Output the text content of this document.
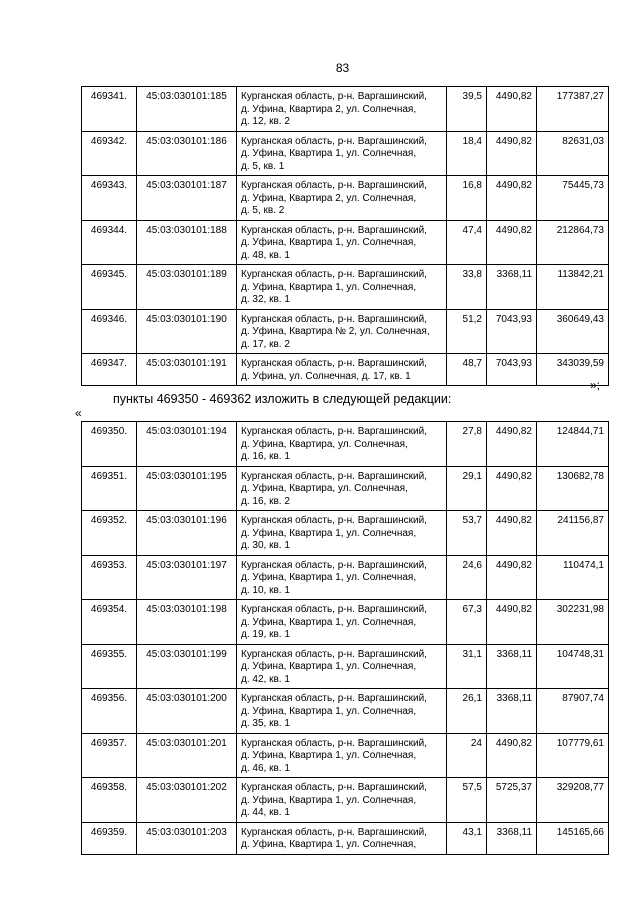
83
469341.	45:03:030101:185	Курганская область, р-н. Варгашинский,
д. Уфина, Квартира 2, ул. Солнечная,
д. 12, кв. 2	39,5	4490,82	177387,27
469342.	45:03:030101:186	Курганская область, р-н. Варгашинский,
д. Уфина, Квартира 1, ул. Солнечная,
д. 5, кв. 1	18,4	4490,82	82631,03
469343.	45:03:030101:187	Курганская область, р-н. Варгашинский,
д. Уфина, Квартира 2, ул. Солнечная,
д. 5, кв. 2	16,8	4490,82	75445,73
469344.	45:03:030101:188	Курганская область, р-н. Варгашинский,
д. Уфина, Квартира 1, ул. Солнечная,
д. 48, кв. 1	47,4	4490,82	212864,73
469345.	45:03:030101:189	Курганская область, р-н. Варгашинский,
д. Уфина, Квартира 1, ул. Солнечная,
д. 32, кв. 1	33,8	3368,11	113842,21
469346.	45:03:030101:190	Курганская область, р-н. Варгашинский,
д. Уфина, Квартира № 2, ул. Солнечная,
д. 17, кв. 2	51,2	7043,93	360649,43
469347.	45:03:030101:191	Курганская область, р-н. Варгашинский,
д. Уфина, ул. Солнечная, д. 17, кв. 1	48,7	7043,93	343039,59
»;
пункты 469350 - 469362 изложить в следующей редакции:
«
469350.	45:03:030101:194	Курганская область, р-н. Варгашинский,
д. Уфина, Квартира, ул. Солнечная,
д. 16, кв. 1	27,8	4490,82	124844,71
469351.	45:03:030101:195	Курганская область, р-н. Варгашинский,
д. Уфина, Квартира, ул. Солнечная,
д. 16, кв. 2	29,1	4490,82	130682,78
469352.	45:03:030101:196	Курганская область, р-н. Варгашинский,
д. Уфина, Квартира 1, ул. Солнечная,
д. 30, кв. 1	53,7	4490,82	241156,87
469353.	45:03:030101:197	Курганская область, р-н. Варгашинский,
д. Уфина, Квартира 1, ул. Солнечная,
д. 10, кв. 1	24,6	4490,82	110474,1
469354.	45:03:030101:198	Курганская область, р-н. Варгашинский,
д. Уфина, Квартира 1, ул. Солнечная,
д. 19, кв. 1	67,3	4490,82	302231,98
469355.	45:03:030101:199	Курганская область, р-н. Варгашинский,
д. Уфина, Квартира 1, ул. Солнечная,
д. 42, кв. 1	31,1	3368,11	104748,31
469356.	45:03:030101:200	Курганская область, р-н. Варгашинский,
д. Уфина, Квартира 1, ул. Солнечная,
д. 35, кв. 1	26,1	3368,11	87907,74
469357.	45:03:030101:201	Курганская область, р-н. Варгашинский,
д. Уфина, Квартира 1, ул. Солнечная,
д. 46, кв. 1	24	4490,82	107779,61
469358.	45:03:030101:202	Курганская область, р-н. Варгашинский,
д. Уфина, Квартира 1, ул. Солнечная,
д. 44, кв. 1	57,5	5725,37	329208,77
469359.	45:03:030101:203	Курганская область, р-н. Варгашинский,
д. Уфина, Квартира 1, ул. Солнечная,	43,1	3368,11	145165,66
